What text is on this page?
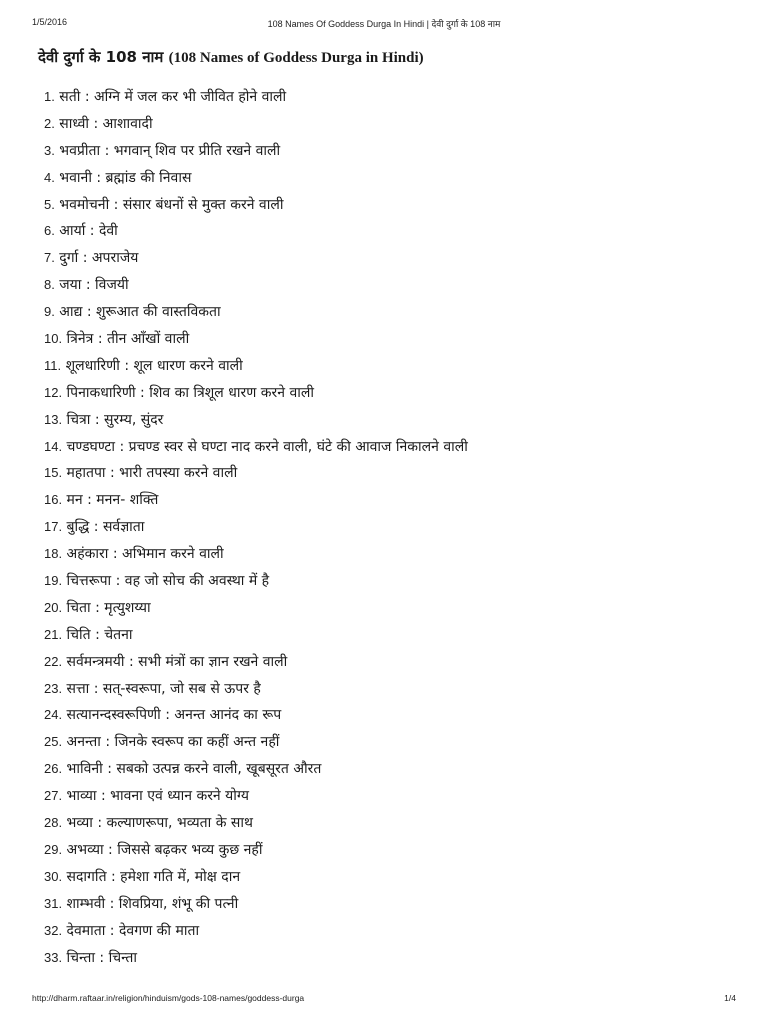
1/5/2016	108 Names Of Goddess Durga In Hindi | देवी दुर्गा के 108 नाम
देवी दुर्गा के 108 नाम (108 Names of Goddess Durga in Hindi)
1. सती : अग्नि में जल कर भी जीवित होने वाली
2. साध्वी : आशावादी
3. भवप्रीता : भगवान् शिव पर प्रीति रखने वाली
4. भवानी : ब्रह्मांड की निवास
5. भवमोचनी : संसार बंधनों से मुक्त करने वाली
6. आर्या : देवी
7. दुर्गा : अपराजेय
8. जया : विजयी
9. आद्य : शुरूआत की वास्तविकता
10. त्रिनेत्र : तीन आँखों वाली
11. शूलधारिणी : शूल धारण करने वाली
12. पिनाकधारिणी : शिव का त्रिशूल धारण करने वाली
13. चित्रा : सुरम्य, सुंदर
14. चण्डघण्टा : प्रचण्ड स्वर से घण्टा नाद करने वाली, घंटे की आवाज निकालने वाली
15. महातपा : भारी तपस्या करने वाली
16. मन : मनन- शक्ति
17. बुद्धि : सर्वज्ञाता
18. अहंकारा : अभिमान करने वाली
19. चित्तरूपा : वह जो सोच की अवस्था में है
20. चिता : मृत्युशय्या
21. चिति : चेतना
22. सर्वमन्त्रमयी : सभी मंत्रों का ज्ञान रखने वाली
23. सत्ता : सत्-स्वरूपा, जो सब से ऊपर है
24. सत्यानन्दस्वरूपिणी : अनन्त आनंद का रूप
25. अनन्ता : जिनके स्वरूप का कहीं अन्त नहीं
26. भाविनी : सबको उत्पन्न करने वाली, खूबसूरत औरत
27. भाव्या : भावना एवं ध्यान करने योग्य
28. भव्या : कल्याणरूपा, भव्यता के साथ
29. अभव्या : जिससे बढ़कर भव्य कुछ नहीं
30. सदागति : हमेशा गति में, मोक्ष दान
31. शाम्भवी : शिवप्रिया, शंभू की पत्नी
32. देवमाता : देवगण की माता
33. चिन्ता : चिन्ता
http://dharm.raftaar.in/religion/hinduism/gods-108-names/goddess-durga	1/4
